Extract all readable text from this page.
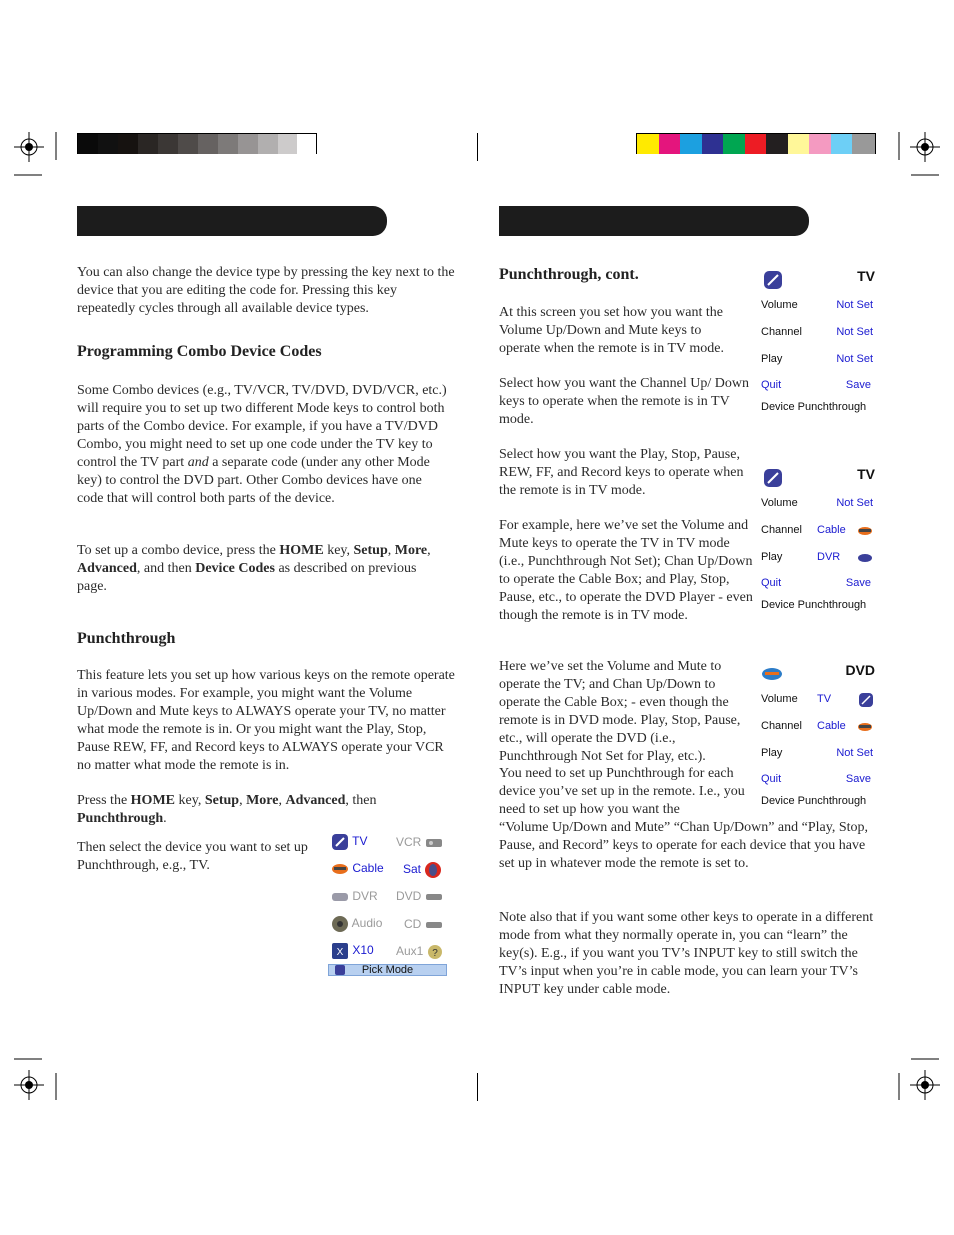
You can also change the device type by pressing the key next to the device that you are editing the code for. Pressing this key repeatedly cycles through all available device types.

Programming Combo Device Codes

Some Combo devices (e.g., TV/VCR, TV/DVD, DVD/VCR, etc.) will require you to set up two different Mode keys to control both parts of the Combo device. For example, if you have a TV/DVD Combo, you might need to set up one code under the TV key to control the TV part and a separate code (under any other Mode key) to control the DVD part. Other Combo devices have one code that will control both parts of the device.

To set up a combo device, press the HOME key, Setup, More, Advanced, and then Device Codes as described on previous page.

Punchthrough

This feature lets you set up how various keys on the remote operate in various modes. For example, you might want the Volume Up/Down and Mute keys to ALWAYS operate your TV, no matter what mode the remote is in. Or you might want the Play, Stop, Pause REW, FF, and Record keys to ALWAYS operate your VCR no matter what mode the remote is in.

Press the HOME key, Setup, More, Advanced, then Punchthrough.

Then select the device you want to set up Punchthrough, e.g., TV.

TV VCR
Cable Sat
DVR DVD
Audio CD
X X10 Aux1 ?
Pick Mode
Punchthrough, cont.

At this screen you set how you want the Volume Up/Down and Mute keys to operate when the remote is in TV mode.

Select how you want the Channel Up/ Down keys to operate when the remote is in TV mode.

Select how you want the Play, Stop, Pause, REW, FF, and Record keys to operate when the remote is in TV mode.

For example, here we’ve set the Volume and Mute keys to operate the TV in TV mode (i.e., Punchthrough Not Set); Chan Up/Down to operate the Cable Box; and Play, Stop, Pause, etc., to operate the DVD Player - even though the remote is in TV mode.

Here we’ve set the Volume and Mute to operate the TV; and Chan Up/Down to operate the Cable Box; - even though the remote is in DVD mode. Play, Stop, Pause, etc., will operate the DVD (i.e., Punchthrough Not Set for Play, etc.).

You need to set up Punchthrough for each device you’ve set up in the remote. I.e., you need to set up how you want the

“Volume Up/Down and Mute” “Chan Up/Down” and “Play, Stop, Pause, and Record” keys to operate for each device that you have set up in whatever mode the remote is set to.

Note also that if you want some other keys to operate in a different mode from what they normally operate in, you can “learn” the key(s). E.g., if you want you TV’s INPUT key to still switch the TV’s input when you’re in cable mode, you can learn your TV’s INPUT key under cable mode.

TV
Volume	Not Set
Channel	Not Set
Play	Not Set
Quit	Save
Device Punchthrough
TV
Volume	Not Set
Channel Cable
Play	DVR
Quit	Save
Device Punchthrough
DVD
Volume TV
Channel Cable
Play	Not Set
Quit	Save
Device Punchthrough
